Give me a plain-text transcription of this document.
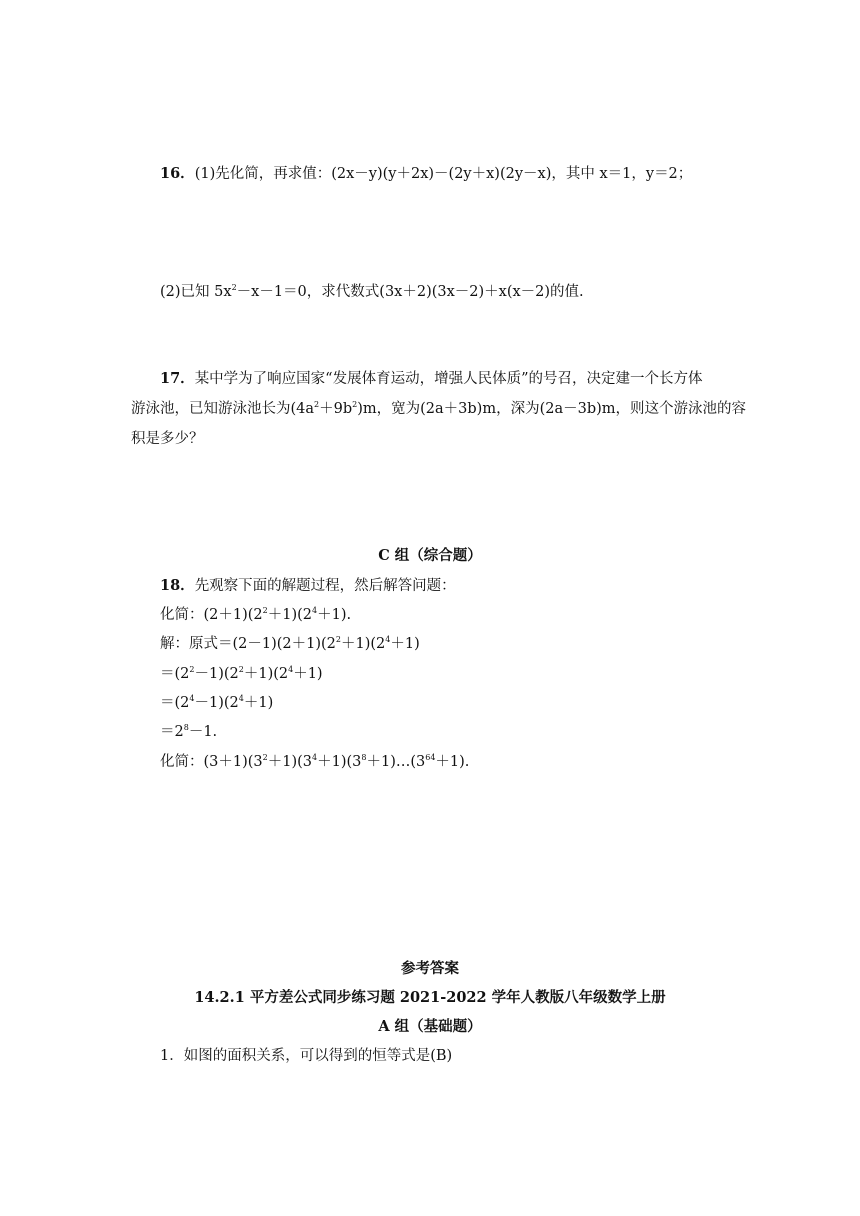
16．(1)先化简，再求值：(2x－y)(y＋2x)－(2y＋x)(2y－x)，其中 x＝1，y＝2；
(2)已知 $5x^2-x-1=0$，求代数式(3x＋2)(3x－2)＋x(x－2)的值.
17．某中学为了响应国家“发展体育运动，增强人民体质”的号召，决定建一个长方体
游泳池，已知游泳池长为$(4a^2+9b^2)m$，宽为(2a＋3b)m，深为(2a－3b)m，则这个游泳池的容
积是多少？
C 组（综合题）
18．先观察下面的解题过程，然后解答问题：
化简：$(2+1)(2^2+1)(2^4+1)$.
解：原式$=(2-1)(2+1)(2^2+1)(2^4+1)$
$=(2^2-1)(2^2+1)(2^4+1)$
$=(2^4-1)(2^4+1)$
$=2^8-1$.
化简：$(3+1)(3^2+1)(3^4+1)(3^8+1)\dots(3^{64}+1)$.
参考答案
14.2.1 平方差公式同步练习题 2021-2022 学年人教版八年级数学上册
A 组（基础题）
1．如图的面积关系，可以得到的恒等式是(B)
